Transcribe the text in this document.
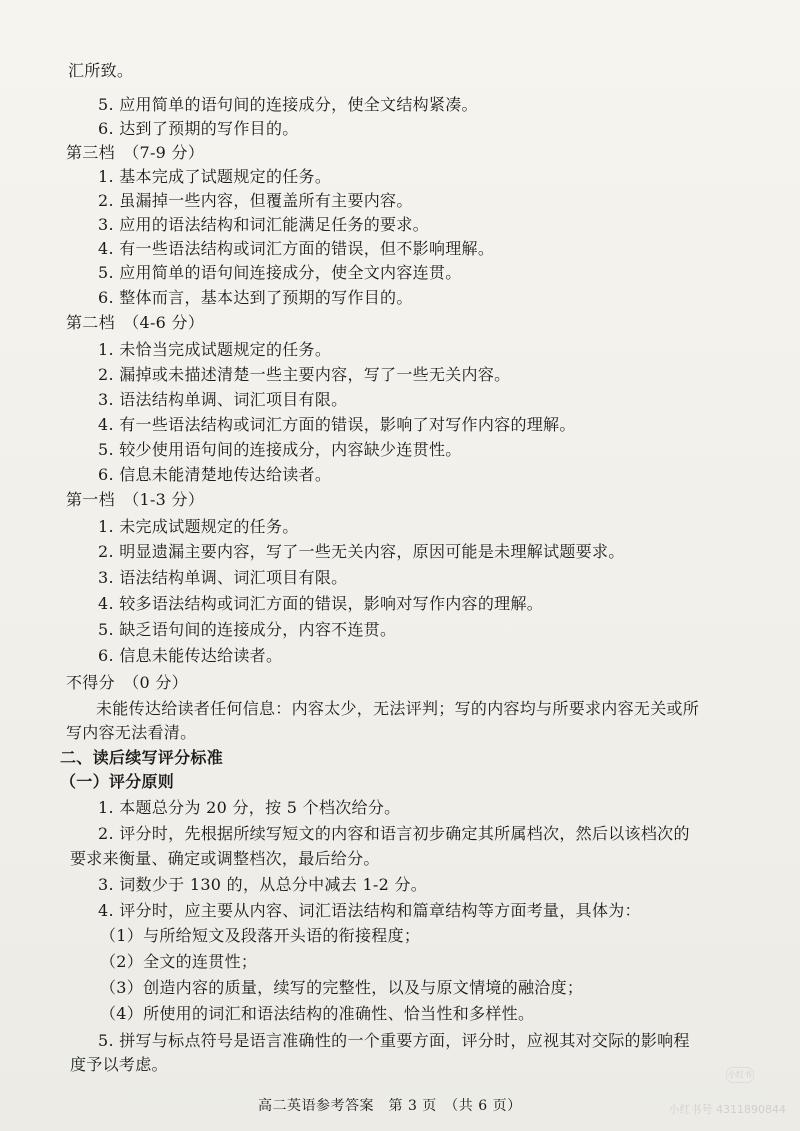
汇所致。
5. 应用简单的语句间的连接成分，使全文结构紧凑。
6. 达到了预期的写作目的。
第三档　（7-9 分）
1. 基本完成了试题规定的任务。
2. 虽漏掉一些内容，但覆盖所有主要内容。
3. 应用的语法结构和词汇能满足任务的要求。
4. 有一些语法结构或词汇方面的错误，但不影响理解。
5. 应用简单的语句间连接成分，使全文内容连贯。
6. 整体而言，基本达到了预期的写作目的。
第二档　（4-6 分）
1. 未恰当完成试题规定的任务。
2. 漏掉或未描述清楚一些主要内容，写了一些无关内容。
3. 语法结构单调、词汇项目有限。
4. 有一些语法结构或词汇方面的错误，影响了对写作内容的理解。
5. 较少使用语句间的连接成分，内容缺少连贯性。
6. 信息未能清楚地传达给读者。
第一档　（1-3 分）
1. 未完成试题规定的任务。
2. 明显遗漏主要内容，写了一些无关内容，原因可能是未理解试题要求。
3. 语法结构单调、词汇项目有限。
4. 较多语法结构或词汇方面的错误，影响对写作内容的理解。
5. 缺乏语句间的连接成分，内容不连贯。
6. 信息未能传达给读者。
不得分　（0 分）
未能传达给读者任何信息：内容太少，无法评判；写的内容均与所要求内容无关或所
写内容无法看清。
二、读后续写评分标准
（一）评分原则
1. 本题总分为 20 分，按 5 个档次给分。
2. 评分时，先根据所续写短文的内容和语言初步确定其所属档次，然后以该档次的
要求来衡量、确定或调整档次，最后给分。
3. 词数少于 130 的，从总分中减去 1-2 分。
4. 评分时，应主要从内容、词汇语法结构和篇章结构等方面考量，具体为：
（1）与所给短文及段落开头语的衔接程度；
（2）全文的连贯性；
（3）创造内容的质量，续写的完整性，以及与原文情境的融洽度；
（4）所使用的词汇和语法结构的准确性、恰当性和多样性。
5. 拼写与标点符号是语言准确性的一个重要方面，评分时，应视其对交际的影响程
度予以考虑。
高二英语参考答案　第 3 页　（共 6 页）
小红书
小红书号 4311890844
